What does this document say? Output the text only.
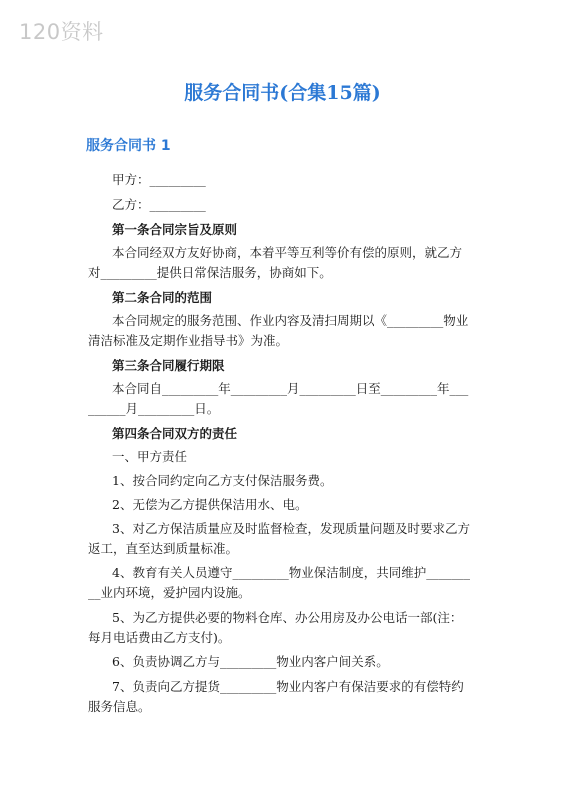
120资料
服务合同书(合集15篇)
服务合同书 1
甲方：_________
乙方：_________
第一条合同宗旨及原则
本合同经双方友好协商，本着平等互利等价有偿的原则，就乙方
对_________提供日常保洁服务，协商如下。
第二条合同的范围
本合同规定的服务范围、作业内容及清扫周期以《_________物业
清洁标准及定期作业指导书》为准。
第三条合同履行期限
本合同自_________年_________月_________日至_________年___
______月_________日。
第四条合同双方的责任
一、甲方责任
1、按合同约定向乙方支付保洁服务费。
2、无偿为乙方提供保洁用水、电。
3、对乙方保洁质量应及时监督检查，发现质量问题及时要求乙方
返工，直至达到质量标准。
4、教育有关人员遵守_________物业保洁制度，共同维护_______
__业内环境，爱护园内设施。
5、为乙方提供必要的物料仓库、办公用房及办公电话一部(注：
每月电话费由乙方支付)。
6、负责协调乙方与_________物业内客户间关系。
7、负责向乙方提货_________物业内客户有保洁要求的有偿特约
服务信息。
